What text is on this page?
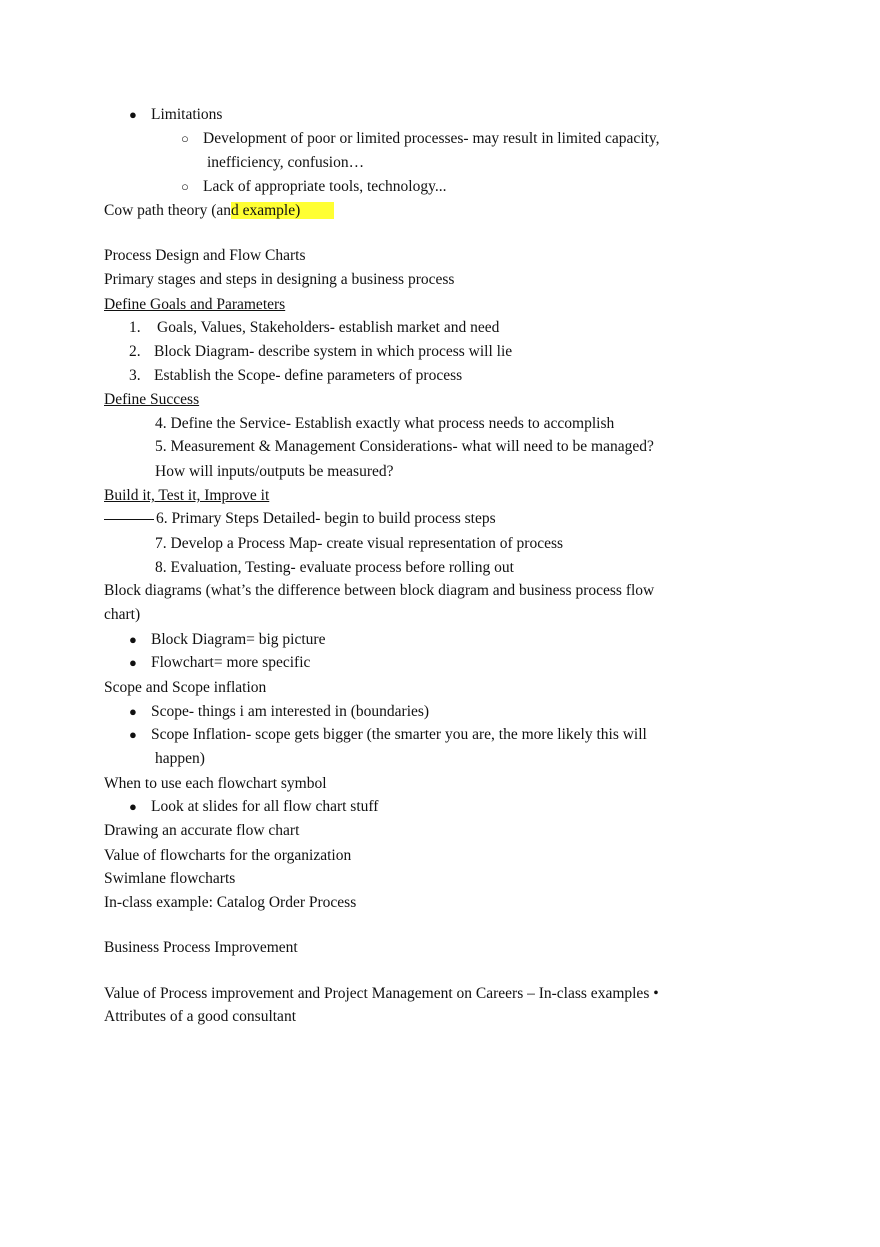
● Limitations
○ Development of poor or limited processes- may result in limited capacity,
inefficiency, confusion…
○ Lack of appropriate tools, technology...
Cow path theory (and example)
Process Design and Flow Charts
Primary stages and steps in designing a business process
Define Goals and Parameters
1. Goals, Values, Stakeholders- establish market and need
2. Block Diagram- describe system in which process will lie
3. Establish the Scope- define parameters of process
Define Success
4. Define the Service- Establish exactly what process needs to accomplish
5. Measurement & Management Considerations- what will need to be managed?
How will inputs/outputs be measured?
Build it, Test it, Improve it
6. Primary Steps Detailed- begin to build process steps
7. Develop a Process Map- create visual representation of process
8. Evaluation, Testing- evaluate process before rolling out
Block diagrams (what’s the difference between block diagram and business process flow
chart)
● Block Diagram= big picture
● Flowchart= more specific
Scope and Scope inflation
● Scope- things i am interested in (boundaries)
● Scope Inflation- scope gets bigger (the smarter you are, the more likely this will
happen)
When to use each flowchart symbol
● Look at slides for all flow chart stuff
Drawing an accurate flow chart
Value of flowcharts for the organization
Swimlane flowcharts
In-class example: Catalog Order Process
Business Process Improvement
Value of Process improvement and Project Management on Careers – In-class examples •
Attributes of a good consultant
